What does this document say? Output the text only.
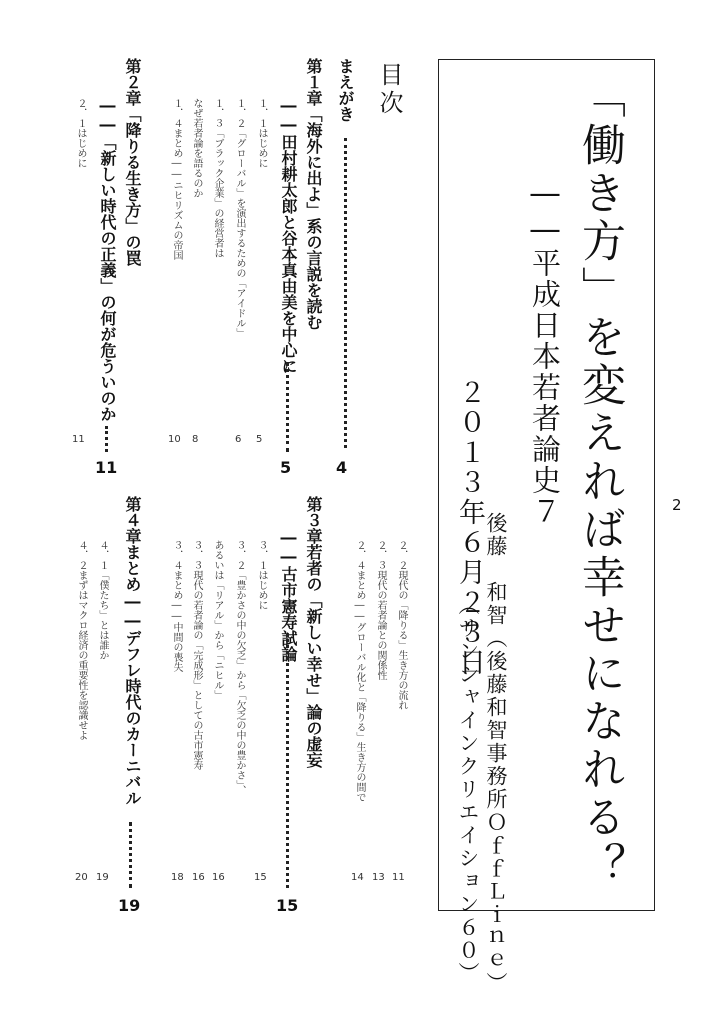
2
「働き方」を変えれば幸せになれる？
――平成日本若者論史７
２０１３年６月２３日 後藤　和智（後藤和智事務所ＯｆｆＬｉｎｅ）
（サンシャインクリエイション６０）
目次
まえがき
4
第１章「海外に出よ」系の言説を読む
――田村耕太郎と谷本真由美を中心に
5
１．１はじめに
１．２「グローバル」を演出するための「アイドル」
１．３「ブラック企業」の経営者は
なぜ若者論を語るのか
１．４まとめ――ニヒリズムの帝国
5
6
8
10
第２章「降りる生き方」の罠
――「新しい時代の正義」の何が危ういのか
11
２．１はじめに
11
２．２現代の「降りる」生き方の流れ
２．３現代の若者論との関係性
２．４まとめ――グローバル化と「降りる」生き方の間で
11
13
14
第３章若者の「新しい幸せ」論の虚妄
――古市憲寿試論
15
３．１はじめに
３．２「豊かさの中の欠乏」から「欠乏の中の豊かさ」、
あるいは「リアル」から「ニヒル」
３．３現代の若者論の「完成形」としての古市憲寿
３．４まとめ――中間の喪失
15
16
16
18
第４章まとめ――デフレ時代のカーニバル
19
４．１「僕たち」とは誰か
４．２まずはマクロ経済の重要性を認識せよ
19
20
